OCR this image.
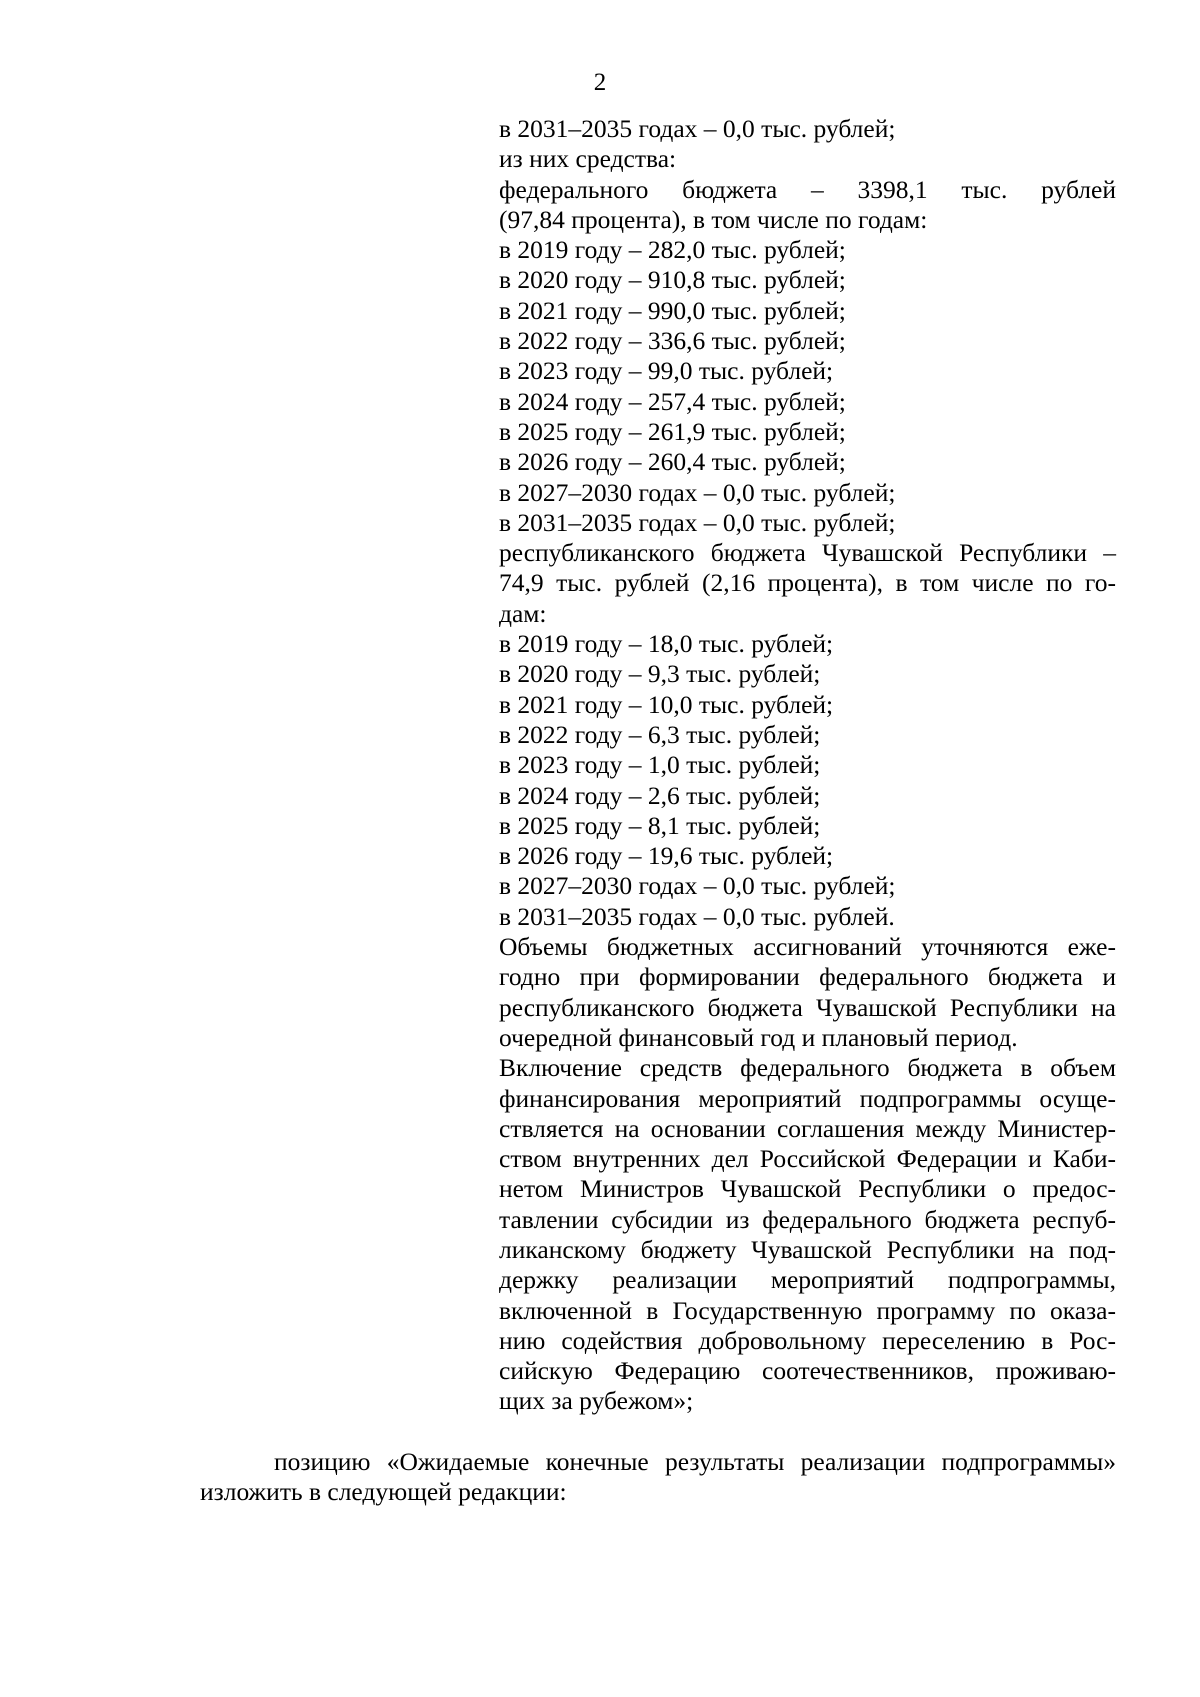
2
в 2031–2035 годах – 0,0 тыс. рублей;
из них средства:
федерального бюджета – 3398,1 тыс. рублей
(97,84 процента), в том числе по годам:
в 2019 году – 282,0 тыс. рублей;
в 2020 году – 910,8 тыс. рублей;
в 2021 году – 990,0 тыс. рублей;
в 2022 году – 336,6 тыс. рублей;
в 2023 году – 99,0 тыс. рублей;
в 2024 году – 257,4 тыс. рублей;
в 2025 году – 261,9 тыс. рублей;
в 2026 году – 260,4 тыс. рублей;
в 2027–2030 годах – 0,0 тыс. рублей;
в 2031–2035 годах – 0,0 тыс. рублей;
республиканского бюджета Чувашской Республики –
74,9 тыс. рублей (2,16 процента), в том числе по го-
дам:
в 2019 году – 18,0 тыс. рублей;
в 2020 году – 9,3 тыс. рублей;
в 2021 году – 10,0 тыс. рублей;
в 2022 году – 6,3 тыс. рублей;
в 2023 году – 1,0 тыс. рублей;
в 2024 году – 2,6 тыс. рублей;
в 2025 году – 8,1 тыс. рублей;
в 2026 году – 19,6 тыс. рублей;
в 2027–2030 годах – 0,0 тыс. рублей;
в 2031–2035 годах – 0,0 тыс. рублей.
Объемы бюджетных ассигнований уточняются еже-годно при формировании федерального бюджета и республиканского бюджета Чувашской Республики на очередной финансовый год и плановый период.
Включение средств федерального бюджета в объем финансирования мероприятий подпрограммы осуще-ствляется на основании соглашения между Министер-ством внутренних дел Российской Федерации и Каби-нетом Министров Чувашской Республики о предос-тавлении субсидии из федерального бюджета респуб-ликанскому бюджету Чувашской Республики на под-держку реализации мероприятий подпрограммы, включенной в Государственную программу по оказа-нию содействия добровольному переселению в Рос-сийскую Федерацию соотечественников, проживаю-щих за рубежом»;
позицию «Ожидаемые конечные результаты реализации подпрограммы»
изложить в следующей редакции:
